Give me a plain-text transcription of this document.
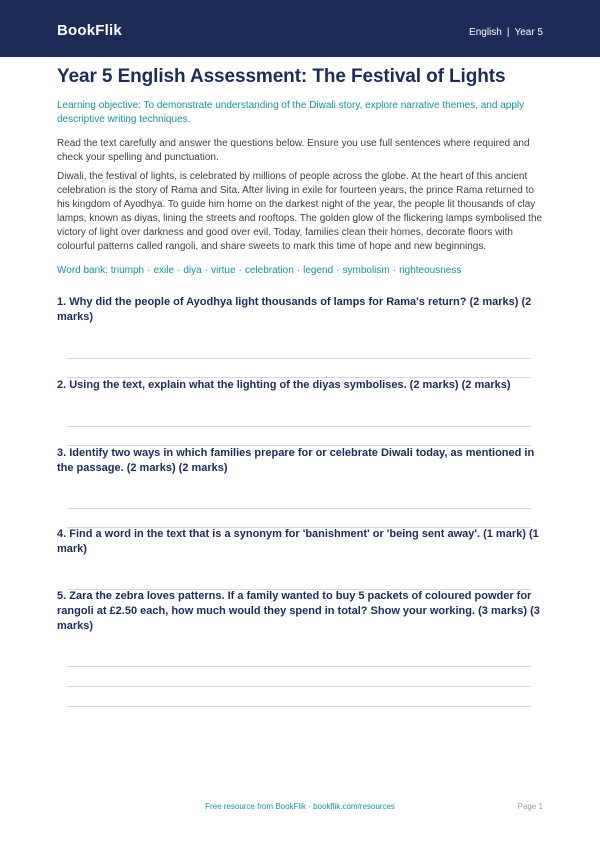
BookFlik	English | Year 5
Year 5 English Assessment: The Festival of Lights
Learning objective: To demonstrate understanding of the Diwali story, explore narrative themes, and apply descriptive writing techniques.
Read the text carefully and answer the questions below. Ensure you use full sentences where required and check your spelling and punctuation.
Diwali, the festival of lights, is celebrated by millions of people across the globe. At the heart of this ancient celebration is the story of Rama and Sita. After living in exile for fourteen years, the prince Rama returned to his kingdom of Ayodhya. To guide him home on the darkest night of the year, the people lit thousands of clay lamps, known as diyas, lining the streets and rooftops. The golden glow of the flickering lamps symbolised the victory of light over darkness and good over evil. Today, families clean their homes, decorate floors with colourful patterns called rangoli, and share sweets to mark this time of hope and new beginnings.
Word bank: triumph · exile · diya · virtue · celebration · legend · symbolism · righteousness
1. Why did the people of Ayodhya light thousands of lamps for Rama's return? (2 marks) (2 marks)
2. Using the text, explain what the lighting of the diyas symbolises. (2 marks) (2 marks)
3. Identify two ways in which families prepare for or celebrate Diwali today, as mentioned in the passage. (2 marks) (2 marks)
4. Find a word in the text that is a synonym for 'banishment' or 'being sent away'. (1 mark) (1 mark)
5. Zara the zebra loves patterns. If a family wanted to buy 5 packets of coloured powder for rangoli at £2.50 each, how much would they spend in total? Show your working. (3 marks) (3 marks)
Free resource from BookFlik · bookflik.com/resources	Page 1
